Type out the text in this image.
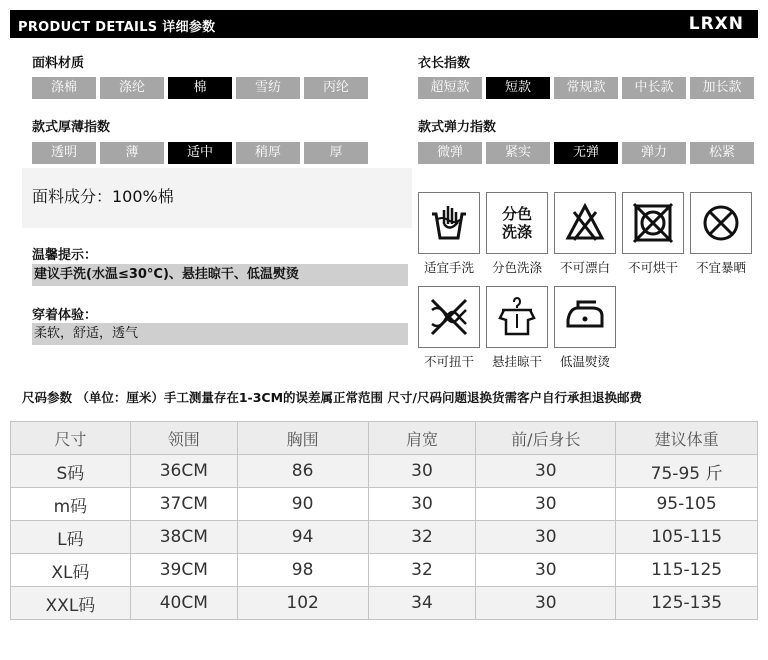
PRODUCT DETAILS 详细参数	LRXN
面料材质
涤棉	涤纶	棉	雪纺	丙纶
衣长指数
超短款	短款	常规款	中长款	加长款
款式厚薄指数
透明	薄	适中	稍厚	厚
款式弹力指数
微弹	紧实	无弹	弹力	松紧
面料成分：100%棉
温馨提示：
建议手洗(水温≤30°C)、悬挂晾干、低温熨烫
穿着体验：
柔软，舒适，透气
适宜手洗
分色
洗涤
分色洗涤	不可漂白	不可烘干	不宜暴晒
不可扭干	悬挂晾干	低温熨烫
尺码参数 （单位：厘米）手工测量存在1-3CM的误差属正常范围 尺寸/尺码问题退换货需客户自行承担退换邮费
尺寸	领围	胸围	肩宽	前/后身长	建议体重
S码	36CM	86	30	30	75-95 斤
m码	37CM	90	30	30	95-105
L码	38CM	94	32	30	105-115
XL码	39CM	98	32	30	115-125
XXL码	40CM	102	34	30	125-135
